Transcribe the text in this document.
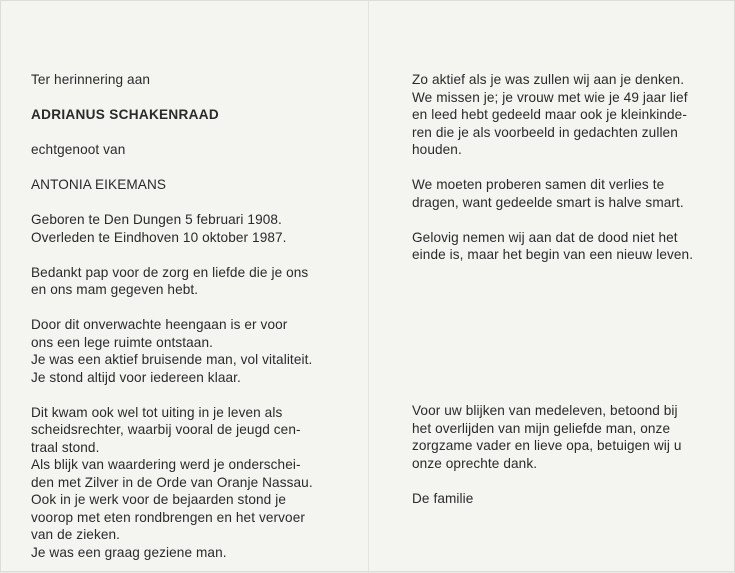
Ter herinnering aan
ADRIANUS SCHAKENRAAD
echtgenoot van
ANTONIA EIKEMANS
Geboren te Den Dungen 5 februari 1908.
Overleden te Eindhoven 10 oktober 1987.
Bedankt pap voor de zorg en liefde die je ons
en ons mam gegeven hebt.
Door dit onverwachte heengaan is er voor
ons een lege ruimte ontstaan.
Je was een aktief bruisende man, vol vitaliteit.
Je stond altijd voor iedereen klaar.
Dit kwam ook wel tot uiting in je leven als
scheidsrechter, waarbij vooral de jeugd cen-
traal stond.
Als blijk van waardering werd je onderschei-
den met Zilver in de Orde van Oranje Nassau.
Ook in je werk voor de bejaarden stond je
voorop met eten rondbrengen en het vervoer
van de zieken.
Je was een graag geziene man.
Zo aktief als je was zullen wij aan je denken.
We missen je; je vrouw met wie je 49 jaar lief
en leed hebt gedeeld maar ook je kleinkinde-
ren die je als voorbeeld in gedachten zullen
houden.
We moeten proberen samen dit verlies te
dragen, want gedeelde smart is halve smart.
Gelovig nemen wij aan dat de dood niet het
einde is, maar het begin van een nieuw leven.
Voor uw blijken van medeleven, betoond bij
het overlijden van mijn geliefde man, onze
zorgzame vader en lieve opa, betuigen wij u
onze oprechte dank.
De familie
